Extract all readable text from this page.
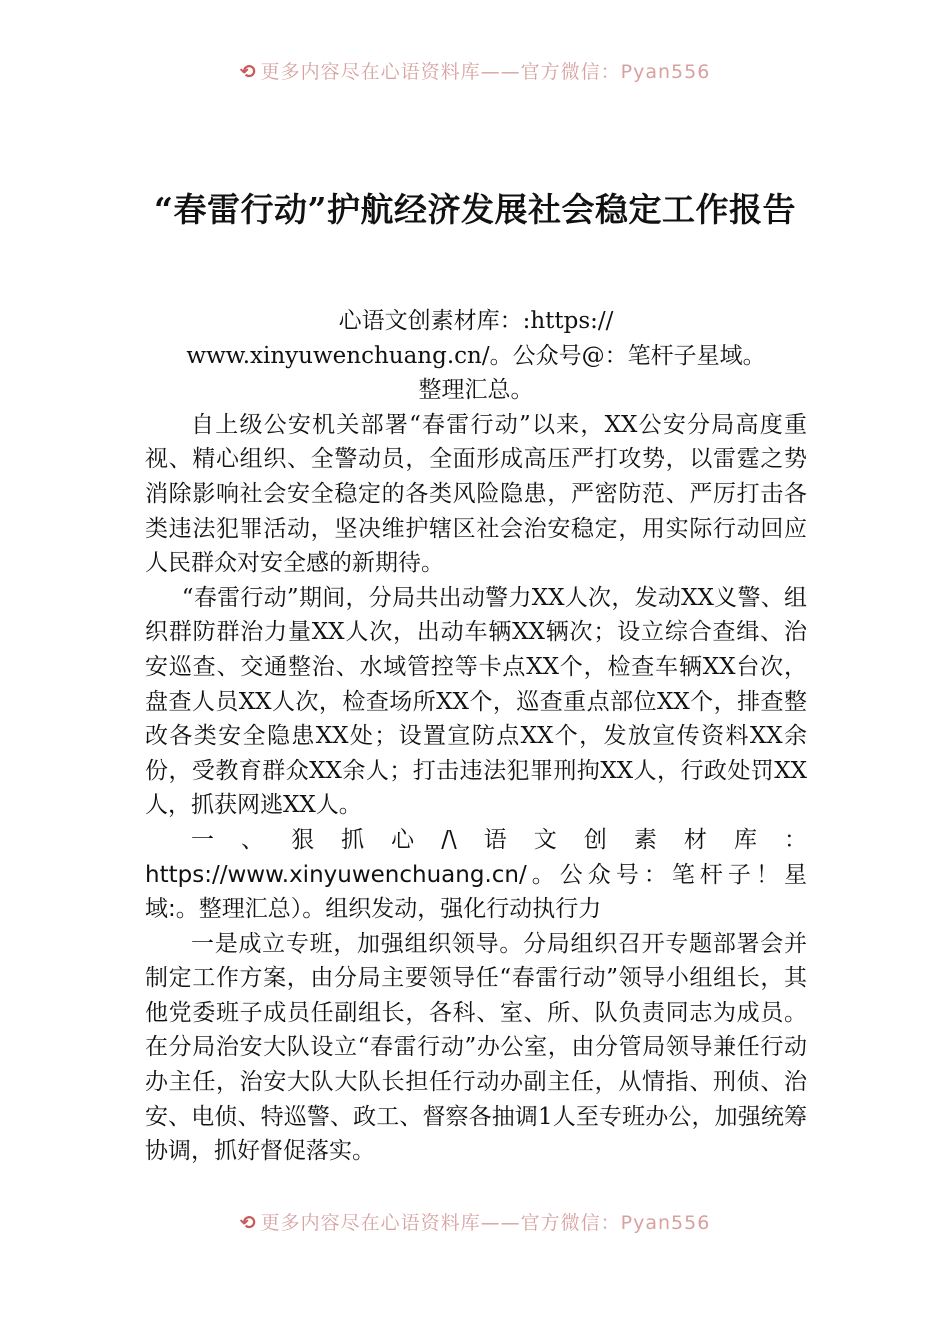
⟲ 更多内容尽在心语资料库——官方微信：Pyan556
“春雷行动”护航经济发展社会稳定工作报告

心语文创素材库：:https://

www.xinyuwenchuang.cn/。公众号@：笔杆子星域。

整理汇总。

自上级公安机关部署“春雷行动”以来，XX公安分局高度重视、精心组织、全警动员，全面形成高压严打攻势，以雷霆之势消除影响社会安全稳定的各类风险隐患，严密防范、严厉打击各类违法犯罪活动，坚决维护辖区社会治安稳定，用实际行动回应人民群众对安全感的新期待。

“春雷行动”期间，分局共出动警力XX人次，发动XX义警、组织群防群治力量XX人次，出动车辆XX辆次；设立综合查缉、治安巡查、交通整治、水域管控等卡点XX个，检查车辆XX台次，盘查人员XX人次，检查场所XX个，巡查重点部位XX个，排查整改各类安全隐患XX处；设置宣防点XX个，发放宣传资料XX余份，受教育群众XX余人；打击违法犯罪刑拘XX人，行政处罚XX人，抓获网逃XX人。

一、狠抓心/\语文创素材库：https://www.xinyuwenchuang.cn/。公众号：笔杆子！星域:。整理汇总）。组织发动，强化行动执行力

一是成立专班，加强组织领导。分局组织召开专题部署会并制定工作方案，由分局主要领导任“春雷行动”领导小组组长，其他党委班子成员任副组长，各科、室、所、队负责同志为成员。在分局治安大队设立“春雷行动”办公室，由分管局领导兼任行动办主任，治安大队大队长担任行动办副主任，从情指、刑侦、治安、电侦、特巡警、政工、督察各抽调1人至专班办公，加强统筹协调，抓好督促落实。

⟲ 更多内容尽在心语资料库——官方微信：Pyan556
